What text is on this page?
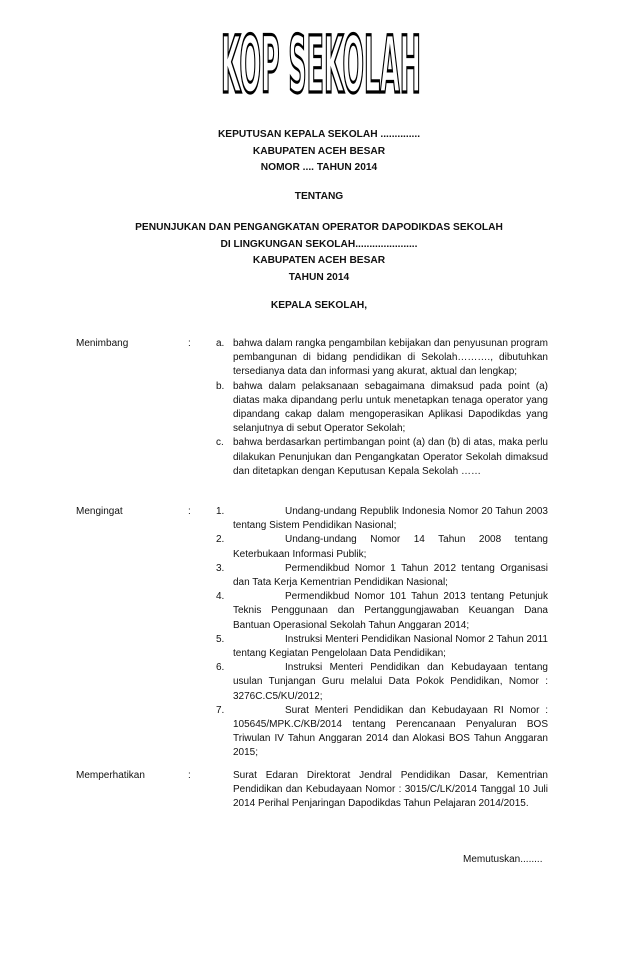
KOP SEKOLAH
KEPUTUSAN KEPALA SEKOLAH ..............
KABUPATEN ACEH BESAR
NOMOR .... TAHUN 2014
TENTANG
PENUNJUKAN DAN PENGANGKATAN OPERATOR DAPODIKDAS SEKOLAH
DI LINGKUNGAN SEKOLAH......................
KABUPATEN ACEH BESAR
TAHUN 2014
KEPALA SEKOLAH,
Menimbang	:	a. bahwa dalam rangka pengambilan kebijakan dan penyusunan program pembangunan di bidang pendidikan di Sekolah………., dibutuhkan tersedianya data dan informasi yang akurat, aktual dan lengkap;
b. bahwa dalam pelaksanaan sebagaimana dimaksud pada point (a) diatas maka dipandang perlu untuk menetapkan tenaga operator yang dipandang cakap dalam mengoperasikan Aplikasi Dapodikdas yang selanjutnya di sebut Operator Sekolah;
c. bahwa berdasarkan pertimbangan point (a) dan (b) di atas, maka perlu dilakukan Penunjukan dan Pengangkatan Operator Sekolah dimaksud dan ditetapkan dengan Keputusan Kepala Sekolah ……
Mengingat	:	1.	Undang-undang Republik Indonesia Nomor 20 Tahun 2003 tentang Sistem Pendidikan Nasional;
2.	Undang-undang Nomor 14 Tahun 2008 tentang Keterbukaan Informasi Publik;
3.	Permendikbud Nomor 1 Tahun 2012 tentang Organisasi dan Tata Kerja Kementrian Pendidikan Nasional;
4.	Permendikbud Nomor 101 Tahun 2013 tentang Petunjuk Teknis Penggunaan dan Pertanggungjawaban Keuangan Dana Bantuan Operasional Sekolah Tahun Anggaran 2014;
5.	Instruksi Menteri Pendidikan Nasional Nomor 2 Tahun 2011 tentang Kegiatan Pengelolaan Data Pendidikan;
6.	Instruksi Menteri Pendidikan dan Kebudayaan tentang usulan Tunjangan Guru melalui Data Pokok Pendidikan, Nomor : 3276C.C5/KU/2012;
7.	Surat Menteri Pendidikan dan Kebudayaan RI Nomor : 105645/MPK.C/KB/2014 tentang Perencanaan Penyaluran BOS Triwulan IV Tahun Anggaran 2014 dan Alokasi BOS Tahun Anggaran 2015;
Memperhatikan	:	Surat Edaran Direktorat Jendral Pendidikan Dasar, Kementrian Pendidikan dan Kebudayaan Nomor : 3015/C/LK/2014 Tanggal 10 Juli 2014 Perihal Penjaringan Dapodikdas Tahun Pelajaran 2014/2015.
Memutuskan........
